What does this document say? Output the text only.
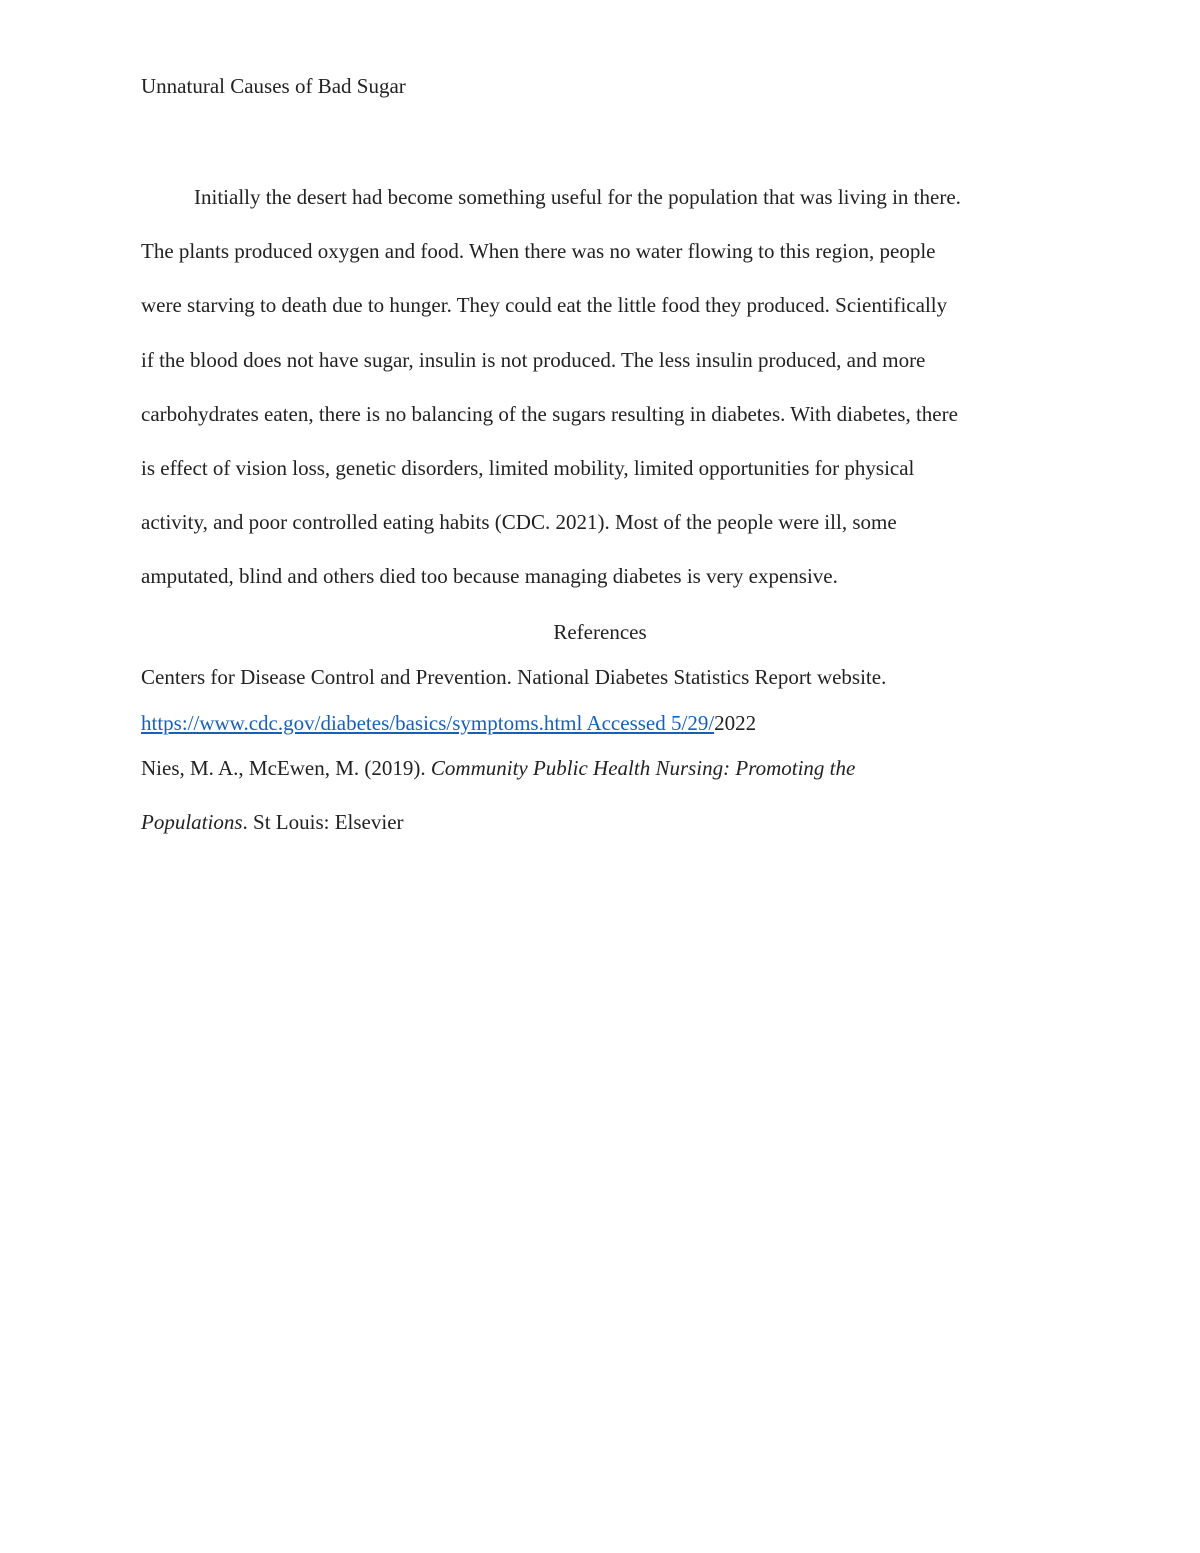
Unnatural Causes of Bad Sugar
Initially the desert had become something useful for the population that was living in there.
The plants produced oxygen and food. When there was no water flowing to this region, people
were starving to death due to hunger. They could eat the little food they produced. Scientifically
if the blood does not have sugar, insulin is not produced. The less insulin produced, and more
carbohydrates eaten, there is no balancing of the sugars resulting in diabetes. With diabetes, there
is effect of vision loss, genetic disorders, limited mobility, limited opportunities for physical
activity, and poor controlled eating habits (CDC. 2021). Most of the people were ill, some
amputated, blind and others died too because managing diabetes is very expensive.
References
Centers for Disease Control and Prevention. National Diabetes Statistics Report website.
https://www.cdc.gov/diabetes/basics/symptoms.html Accessed 5/29/2022
Nies, M. A., McEwen, M. (2019). Community Public Health Nursing: Promoting the
Populations. St Louis: Elsevier
